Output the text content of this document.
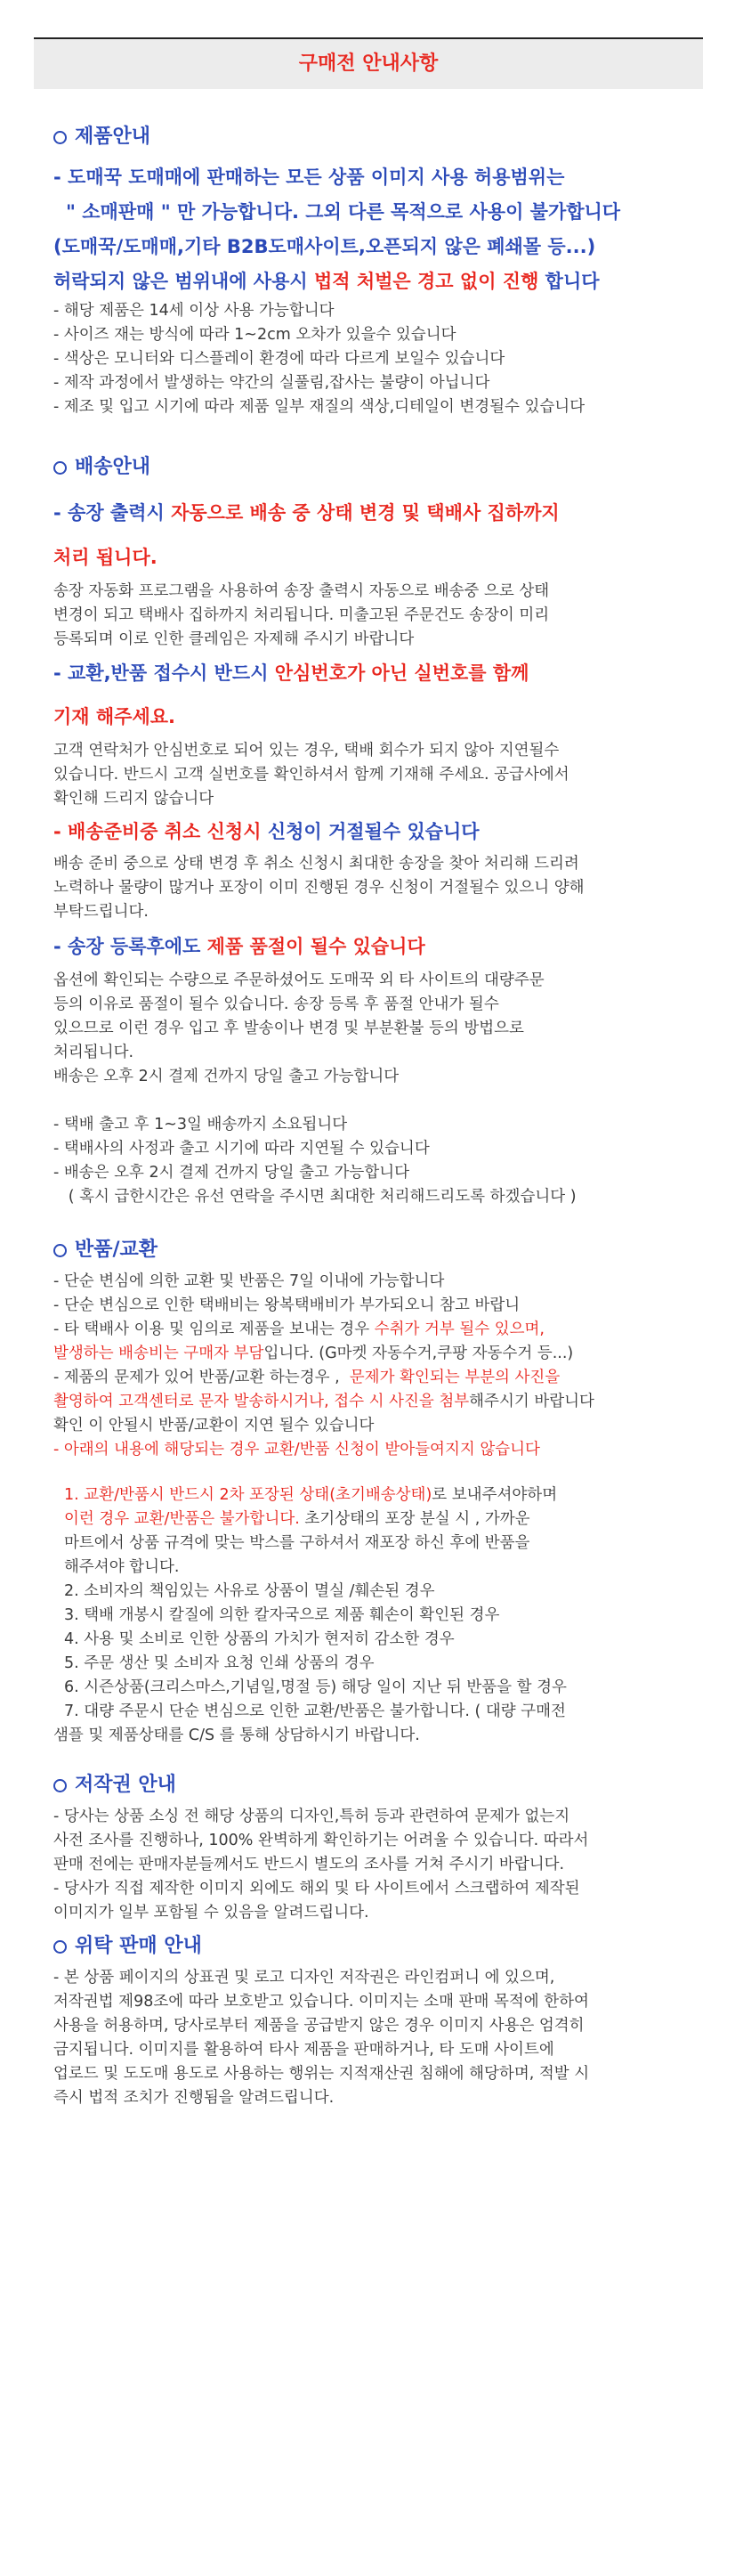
구매전 안내사항
제품안내
- 도매꾹 도매매에 판매하는 모든 상품 이미지 사용 허용범위는
" 소매판매 " 만 가능합니다. 그외 다른 목적으로 사용이 불가합니다
(도매꾹/도매매,기타 B2B도매사이트,오픈되지 않은 폐쇄몰 등...)
허락되지 않은 범위내에 사용시 법적 처벌은 경고 없이 진행 합니다

- 해당 제품은 14세 이상 사용 가능합니다

- 사이즈 재는 방식에 따라 1~2cm 오차가 있을수 있습니다

- 색상은 모니터와 디스플레이 환경에 따라 다르게 보일수 있습니다

- 제작 과정에서 발생하는 약간의 실풀림,잡사는 불량이 아닙니다

- 제조 및 입고 시기에 따라 제품 일부 재질의 색상,디테일이 변경될수 있습니다

배송안내
- 송장 출력시 자동으로 배송 중 상태 변경 및 택배사 집하까지
처리 됩니다.

송장 자동화 프로그램을 사용하여 송장 출력시 자동으로 배송중 으로 상태

변경이 되고 택배사 집하까지 처리됩니다. 미출고된 주문건도 송장이 미리

등록되며 이로 인한 클레임은 자제해 주시기 바랍니다

- 교환,반품 접수시 반드시 안심번호가 아닌 실번호를 함께
기재 해주세요.

고객 연락처가 안심번호로 되어 있는 경우, 택배 회수가 되지 않아 지연될수

있습니다. 반드시 고객 실번호를 확인하셔서 함께 기재해 주세요. 공급사에서

확인해 드리지 않습니다

- 배송준비중 취소 신청시 신청이 거절될수 있습니다

배송 준비 중으로 상태 변경 후 취소 신청시 최대한 송장을 찾아 처리해 드리려

노력하나 물량이 많거나 포장이 이미 진행된 경우 신청이 거절될수 있으니 양해

부탁드립니다.

- 송장 등록후에도 제품 품절이 될수 있습니다

옵션에 확인되는 수량으로 주문하셨어도 도매꾹 외 타 사이트의 대량주문

등의 이유로 품절이 될수 있습니다. 송장 등록 후 품절 안내가 될수

있으므로 이런 경우 입고 후 발송이나 변경 및 부분환불 등의 방법으로

처리됩니다.

배송은 오후 2시 결제 건까지 당일 출고 가능합니다

- 택배 출고 후 1~3일 배송까지 소요됩니다

- 택배사의 사정과 출고 시기에 따라 지연될 수 있습니다

- 배송은 오후 2시 결제 건까지 당일 출고 가능합니다

( 혹시 급한시간은 유선 연락을 주시면 최대한 처리해드리도록 하겠습니다 )

반품/교환

- 단순 변심에 의한 교환 및 반품은 7일 이내에 가능합니다

- 단순 변심으로 인한 택배비는 왕복택배비가 부가되오니 참고 바랍니

- 타 택배사 이용 및 임의로 제품을 보내는 경우 수취가 거부 될수 있으며,

발생하는 배송비는 구매자 부담입니다. (G마켓 자동수거,쿠팡 자동수거 등...)

- 제품의 문제가 있어 반품/교환 하는경우 ,  문제가 확인되는 부분의 사진을

촬영하여 고객센터로 문자 발송하시거나, 접수 시 사진을 첨부해주시기 바랍니다

확인 이 안될시 반품/교환이 지연 될수 있습니다

- 아래의 내용에 해당되는 경우 교환/반품 신청이 받아들여지지 않습니다

1. 교환/반품시 반드시 2차 포장된 상태(초기배송상태)로 보내주셔야하며

이런 경우 교환/반품은 불가합니다. 초기상태의 포장 분실 시 , 가까운

마트에서 상품 규격에 맞는 박스를 구하셔서 재포장 하신 후에 반품을

해주셔야 합니다.

2. 소비자의 책임있는 사유로 상품이 멸실 /훼손된 경우

3. 택배 개봉시 칼질에 의한 칼자국으로 제품 훼손이 확인된 경우

4. 사용 및 소비로 인한 상품의 가치가 현저히 감소한 경우

5. 주문 생산 및 소비자 요청 인쇄 상품의 경우

6. 시즌상품(크리스마스,기념일,명절 등) 해당 일이 지난 뒤 반품을 할 경우

7. 대량 주문시 단순 변심으로 인한 교환/반품은 불가합니다. ( 대량 구매전

샘플 및 제품상태를 C/S 를 통해 상담하시기 바랍니다.

저작권 안내

- 당사는 상품 소싱 전 해당 상품의 디자인,특허 등과 관련하여 문제가 없는지

사전 조사를 진행하나, 100% 완벽하게 확인하기는 어려울 수 있습니다. 따라서

판매 전에는 판매자분들께서도 반드시 별도의 조사를 거쳐 주시기 바랍니다.

- 당사가 직접 제작한 이미지 외에도 해외 및 타 사이트에서 스크랩하여 제작된

이미지가 일부 포함될 수 있음을 알려드립니다.

위탁 판매 안내

- 본 상품 페이지의 상표권 및 로고 디자인 저작권은 라인컴퍼니 에 있으며,

저작권법 제98조에 따라 보호받고 있습니다. 이미지는 소매 판매 목적에 한하여

사용을 허용하며, 당사로부터 제품을 공급받지 않은 경우 이미지 사용은 엄격히

금지됩니다. 이미지를 활용하여 타사 제품을 판매하거나, 타 도매 사이트에

업로드 및 도도매 용도로 사용하는 행위는 지적재산권 침해에 해당하며, 적발 시

즉시 법적 조치가 진행됨을 알려드립니다.
